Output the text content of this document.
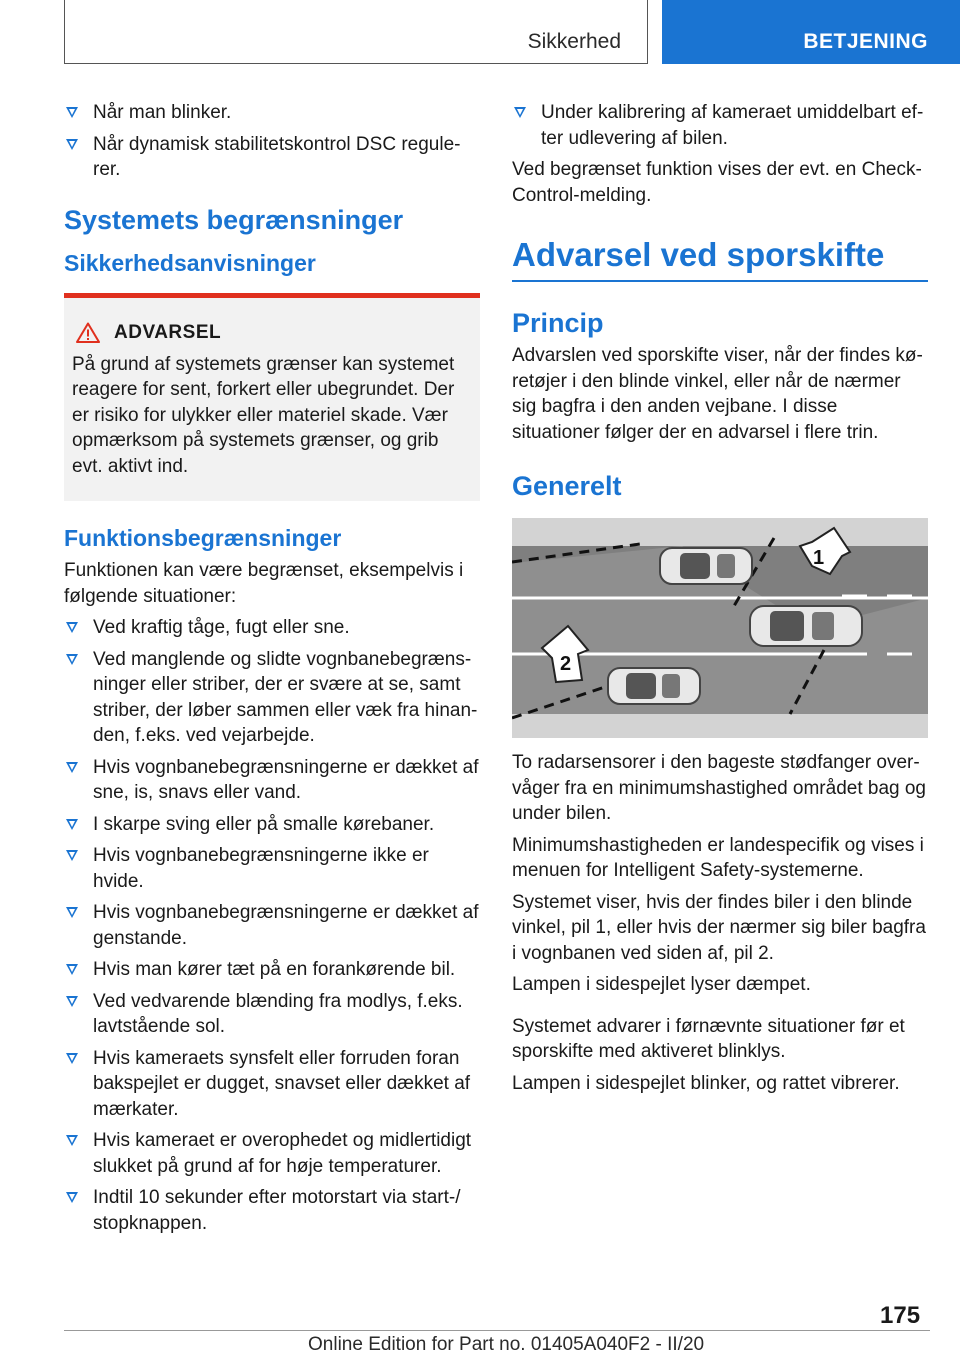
Sikkerhed	BETJENING
Når man blinker.
Når dynamisk stabilitetskontrol DSC regule-rer.
Systemets begrænsninger
Sikkerhedsanvisninger
ADVARSEL
På grund af systemets grænser kan systemet reagere for sent, forkert eller ubegrundet. Der er risiko for ulykker eller materiel skade. Vær opmærksom på systemets grænser, og grib evt. aktivt ind.
Funktionsbegrænsninger

Funktionen kan være begrænset, eksempelvis i følgende situationer:

Ved kraftig tåge, fugt eller sne.
Ved manglende og slidte vognbanebegræns-ninger eller striber, der er svære at se, samt striber, der løber sammen eller væk fra hinan-den, f.eks. ved vejarbejde.
Hvis vognbanebegrænsningerne er dækket af sne, is, snavs eller vand.
I skarpe sving eller på smalle kørebaner.
Hvis vognbanebegrænsningerne ikke er hvide.
Hvis vognbanebegrænsningerne er dækket af genstande.
Hvis man kører tæt på en forankørende bil.
Ved vedvarende blænding fra modlys, f.eks. lavtstående sol.
Hvis kameraets synsfelt eller forruden foran bakspejlet er dugget, snavset eller dækket af mærkater.
Hvis kameraet er overophedet og midlertidigt slukket på grund af for høje temperaturer.
Indtil 10 sekunder efter motorstart via start-/ stopknappen.
Under kalibrering af kameraet umiddelbart ef-ter udlevering af bilen.

Ved begrænset funktion vises der evt. en Check-Control-melding.

Advarsel ved sporskifte
Princip

Advarslen ved sporskifte viser, når der findes kø-retøjer i den blinde vinkel, eller når de nærmer sig bagfra i den anden vejbane. I disse situationer følger der en advarsel i flere trin.

Generelt
1
2

To radarsensorer i den bageste stødfanger over-våger fra en minimumshastighed området bag og under bilen.

Minimumshastigheden er landespecifik og vises i menuen for Intelligent Safety-systemerne.

Systemet viser, hvis der findes biler i den blinde vinkel, pil 1, eller hvis der nærmer sig biler bagfra i vognbanen ved siden af, pil 2.

Lampen i sidespejlet lyser dæmpet.

Systemet advarer i førnævnte situationer før et sporskifte med aktiveret blinklys.

Lampen i sidespejlet blinker, og rattet vibrerer.

175
Online Edition for Part no. 01405A040F2 - II/20
